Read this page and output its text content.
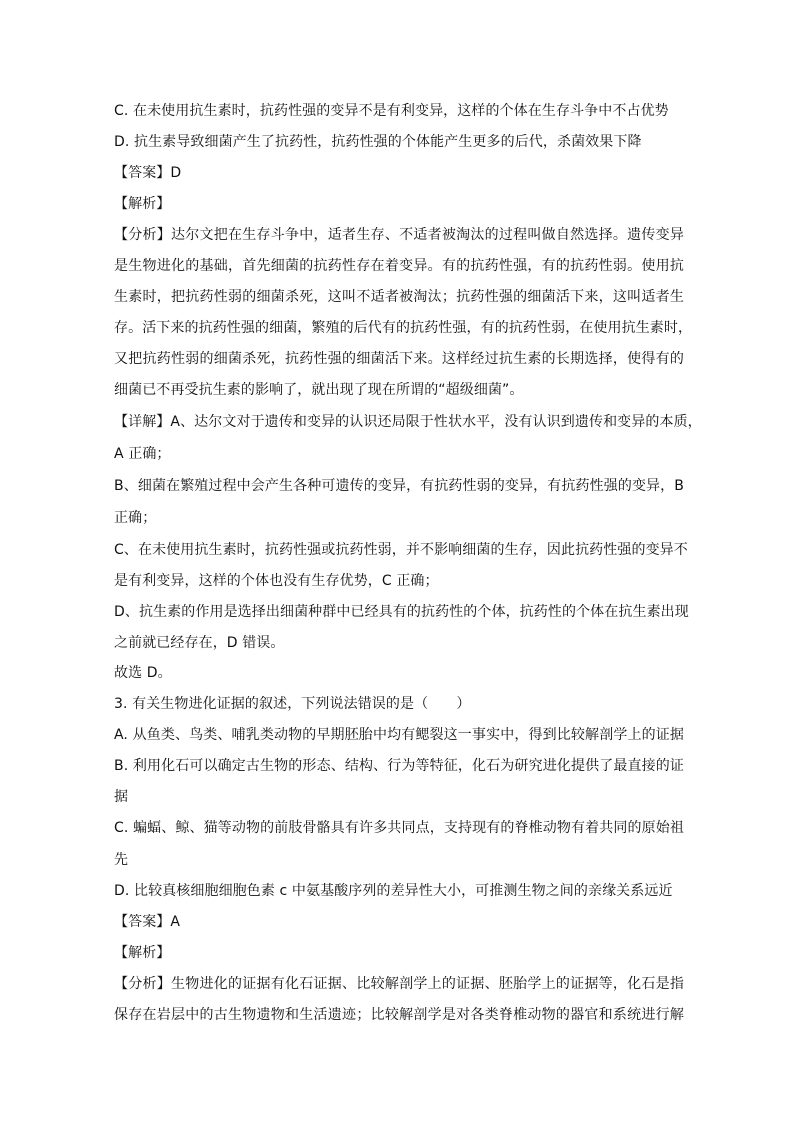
C. 在未使用抗生素时，抗药性强的变异不是有利变异，这样的个体在生存斗争中不占优势
D. 抗生素导致细菌产生了抗药性，抗药性强的个体能产生更多的后代，杀菌效果下降
【答案】D
【解析】
【分析】达尔文把在生存斗争中，适者生存、不适者被淘汰的过程叫做自然选择。遗传变异
是生物进化的基础，首先细菌的抗药性存在着变异。有的抗药性强，有的抗药性弱。使用抗
生素时，把抗药性弱的细菌杀死，这叫不适者被淘汰；抗药性强的细菌活下来，这叫适者生
存。活下来的抗药性强的细菌，繁殖的后代有的抗药性强，有的抗药性弱，在使用抗生素时，
又把抗药性弱的细菌杀死，抗药性强的细菌活下来。这样经过抗生素的长期选择，使得有的
细菌已不再受抗生素的影响了，就出现了现在所谓的“超级细菌”。
【详解】A、达尔文对于遗传和变异的认识还局限于性状水平，没有认识到遗传和变异的本质，
A 正确；
B、细菌在繁殖过程中会产生各种可遗传的变异，有抗药性弱的变异，有抗药性强的变异，B
正确；
C、在未使用抗生素时，抗药性强或抗药性弱，并不影响细菌的生存，因此抗药性强的变异不
是有利变异，这样的个体也没有生存优势，C 正确；
D、抗生素的作用是选择出细菌种群中已经具有的抗药性的个体，抗药性的个体在抗生素出现
之前就已经存在，D 错误。
故选 D。
3. 有关生物进化证据的叙述，下列说法错误的是（　　）
A. 从鱼类、鸟类、哺乳类动物的早期胚胎中均有鳃裂这一事实中，得到比较解剖学上的证据
B. 利用化石可以确定古生物的形态、结构、行为等特征，化石为研究进化提供了最直接的证
据
C. 蝙蝠、鲸、猫等动物的前肢骨骼具有许多共同点，支持现有的脊椎动物有着共同的原始祖
先
D. 比较真核细胞细胞色素 c 中氨基酸序列的差异性大小，可推测生物之间的亲缘关系远近
【答案】A
【解析】
【分析】生物进化的证据有化石证据、比较解剖学上的证据、胚胎学上的证据等，化石是指
保存在岩层中的古生物遗物和生活遗迹；比较解剖学是对各类脊椎动物的器官和系统进行解
